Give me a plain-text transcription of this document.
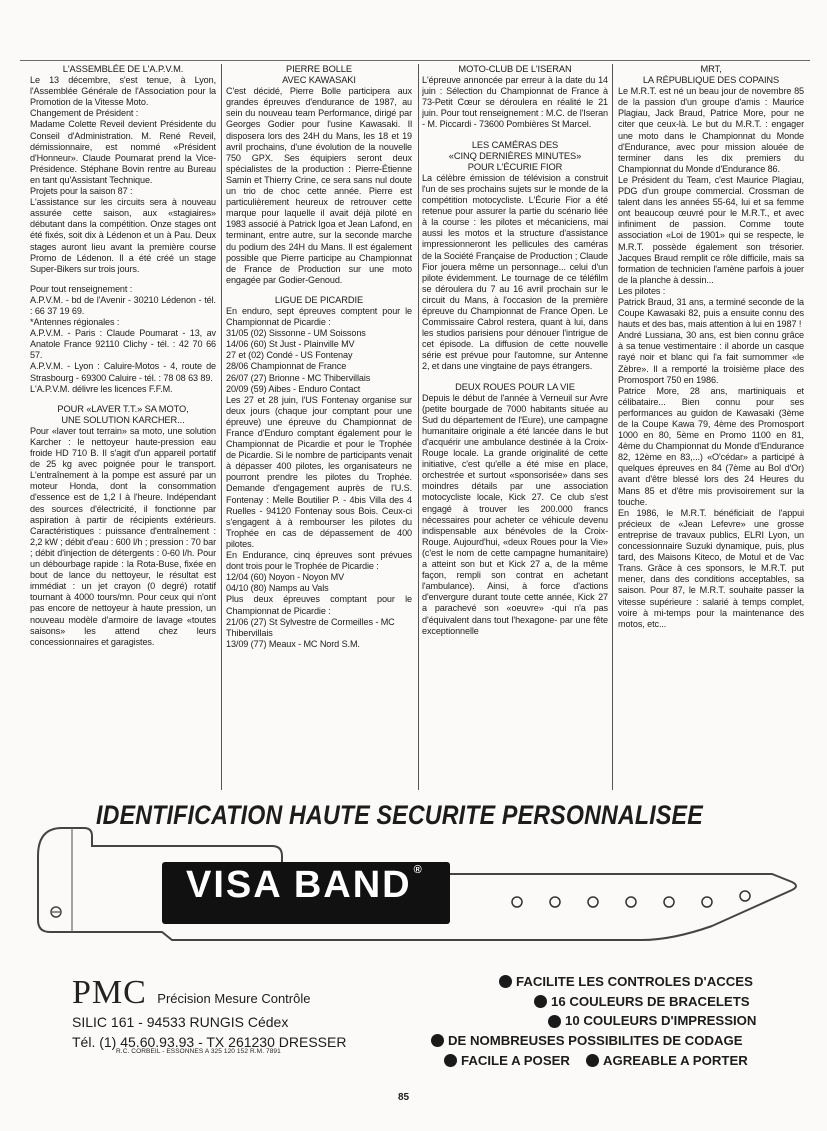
L'ASSEMBLÉE DE L'A.P.V.M.

Le 13 décembre, s'est tenue, à Lyon, l'Assemblée Générale de l'Association pour la Promotion de la Vitesse Moto.

Changement de Président :

Madame Colette Reveil devient Présidente du Conseil d'Administration. M. René Reveil, démissionnaire, est nommé «Président d'Honneur». Claude Poumarat prend la Vice-Présidence. Stéphane Bovin rentre au Bureau en tant qu'Assistant Technique.

Projets pour la saison 87 :

L'assistance sur les circuits sera à nouveau assurée cette saison, aux «stagiaires» débutant dans la compétition. Onze stages ont été fixés, soit dix à Lédenon et un à Pau. Deux stages auront lieu avant la première course Promo de Lédenon. Il a été créé un stage Super-Bikers sur trois jours.

Pour tout renseignement :

A.P.V.M. - bd de l'Avenir - 30210 Lédenon - tél. : 66 37 19 69.

*Antennes régionales :

A.P.V.M. - Paris : Claude Poumarat - 13, av Anatole France 92110 Clichy - tél. : 42 70 66 57.

A.P.V.M. - Lyon : Caluire-Motos - 4, route de Strasbourg - 69300 Caluire - tél. : 78 08 63 89.

L'A.P.V.M. délivre les licences F.F.M.

POUR «LAVER T.T.» SA MOTO,
UNE SOLUTION KARCHER...

Pour «laver tout terrain» sa moto, une solution Karcher : le nettoyeur haute-pression eau froide HD 710 B. Il s'agit d'un appareil portatif de 25 kg avec poignée pour le transport. L'entraînement à la pompe est assuré par un moteur Honda, dont la consommation d'essence est de 1,2 l à l'heure. Indépendant des sources d'électricité, il fonctionne par aspiration à partir de récipients extérieurs. Caractéristiques : puissance d'entraînement : 2,2 kW ; débit d'eau : 600 l/h ; pression : 70 bar ; débit d'injection de détergents : 0-60 l/h. Pour un débourbage rapide : la Rota-Buse, fixée en bout de lance du nettoyeur, le résultat est immédiat : un jet crayon (0 degré) rotatif tournant à 4000 tours/mn. Pour ceux qui n'ont pas encore de nettoyeur à haute pression, un nouveau modèle d'armoire de lavage «toutes saisons» les attend chez leurs concessionnaires et garagistes.

PIERRE BOLLE
AVEC KAWASAKI

C'est décidé, Pierre Bolle participera aux grandes épreuves d'endurance de 1987, au sein du nouveau team Performance, dirigé par Georges Godier pour l'usine Kawasaki. Il disposera lors des 24H du Mans, les 18 et 19 avril prochains, d'une évolution de la nouvelle 750 GPX. Ses équipiers seront deux spécialistes de la production : Pierre-Étienne Samin et Thierry Crine, ce sera sans nul doute un trio de choc cette année. Pierre est particulièrement heureux de retrouver cette marque pour laquelle il avait déjà piloté en 1983 associé à Patrick Igoa et Jean Lafond, en terminant, entre autre, sur la seconde marche du podium des 24H du Mans. Il est également possible que Pierre participe au Championnat de France de Production sur une moto engagée par Godier-Genoud.

LIGUE DE PICARDIE

En enduro, sept épreuves comptent pour le Championnat de Picardie :

31/05 (02) Sissonne - UM Soissons

14/06 (60) St Just - Plainville MV

27 et (02) Condé - US Fontenay

28/06 Championnat de France

26/07 (27) Brionne - MC Thibervillais

20/09 (59) Aibes - Enduro Contact

Les 27 et 28 juin, l'US Fontenay organise sur deux jours (chaque jour comptant pour une épreuve) une épreuve du Championnat de France d'Enduro comptant également pour le Championnat de Picardie et pour le Trophée de Picardie. Si le nombre de participants venait à dépasser 400 pilotes, les organisateurs ne pourront prendre les pilotes du Trophée. Demande d'engagement auprès de l'U.S. Fontenay : Melle Boutilier P. - 4bis Villa des 4 Ruelles - 94120 Fontenay sous Bois. Ceux-ci s'engagent à à rembourser les pilotes du Trophée en cas de dépassement de 400 pilotes.

En Endurance, cinq épreuves sont prévues dont trois pour le Trophée de Picardie :

12/04 (60) Noyon - Noyon MV

04/10 (80) Namps au Vals

Plus deux épreuves comptant pour le Championnat de Picardie :

21/06 (27) St Sylvestre de Cormeilles - MC Thibervillais

13/09 (77) Meaux - MC Nord S.M.

MOTO-CLUB DE L'ISERAN

L'épreuve annoncée par erreur à la date du 14 juin : Sélection du Championnat de France à 73-Petit Cœur se déroulera en réalité le 21 juin. Pour tout renseignement : M.C. de l'Iseran - M. Piccardi - 73600 Pombières St Marcel.

LES CAMÉRAS DES
«CINQ DERNIÈRES MINUTES»
POUR L'ÉCURIE FIOR

La célèbre émission de télévision a construit l'un de ses prochains sujets sur le monde de la compétition motocycliste. L'Écurie Fior a été retenue pour assurer la partie du scénario liée à la course : les pilotes et mécaniciens, mai aussi les motos et la structure d'assistance impressionneront les pellicules des caméras de la Société Française de Production ; Claude Fior jouera même un personnage... celui d'un pilote évidemment. Le tournage de ce téléfilm se déroulera du 7 au 16 avril prochain sur le circuit du Mans, à l'occasion de la première épreuve du Championnat de France Open. Le Commissaire Cabrol restera, quant à lui, dans les studios parisiens pour dénouer l'intrigue de cet épisode. La diffusion de cette nouvelle série est prévue pour l'automne, sur Antenne 2, et dans une vingtaine de pays étrangers.

DEUX ROUES POUR LA VIE

Depuis le début de l'année à Verneuil sur Avre (petite bourgade de 7000 habitants située au Sud du département de l'Eure), une campagne humanitaire originale a été lancée dans le but d'acquérir une ambulance destinée à la Croix-Rouge locale. La grande originalité de cette initiative, c'est qu'elle a été mise en place, orchestrée et surtout «sponsorisée» dans ses moindres détails par une association motocycliste locale, Kick 27. Ce club s'est engagé à trouver les 200.000 francs nécessaires pour acheter ce véhicule devenu indispensable aux bénévoles de la Croix-Rouge. Aujourd'hui, «deux Roues pour la Vie» (c'est le nom de cette campagne humanitaire) a atteint son but et Kick 27 a, de la même façon, rempli son contrat en achetant l'ambulance). Ainsi, à force d'actions d'envergure durant toute cette année, Kick 27 a parachevé son «oeuvre» -qui n'a pas d'équivalent dans tout l'hexagone- par une fête exceptionnelle

MRT,
LA RÉPUBLIQUE DES COPAINS

Le M.R.T. est né un beau jour de novembre 85 de la passion d'un groupe d'amis : Maurice Plagiau, Jack Braud, Patrice More, pour ne citer que ceux-là. Le but du M.R.T. : engager une moto dans le Championnat du Monde d'Endurance, avec pour mission alouée de terminer dans les dix premiers du Championnat du Monde d'Endurance 86.

Le Président du Team, c'est Maurice Plagiau, PDG d'un groupe commercial. Crossman de talent dans les années 55-64, lui et sa femme ont beaucoup œuvré pour le M.R.T., et avec infiniment de passion. Comme toute association «Loi de 1901» qui se respecte, le M.R.T. possède également son trésorier. Jacques Braud remplit ce rôle difficile, mais sa formation de technicien l'amène parfois à jouer de la planche à dessin...

Les pilotes :

Patrick Braud, 31 ans, a terminé seconde de la Coupe Kawasaki 82, puis a ensuite connu des hauts et des bas, mais attention à lui en 1987 !

André Lussiana, 30 ans, est bien connu grâce à sa tenue vestimentaire : il aborde un casque rayé noir et blanc qui l'a fait surnommer «le Zèbre». Il a remporté la troisième place des Promosport 750 en 1986.

Patrice More, 28 ans, martiniquais et célibataire... Bien connu pour ses performances au guidon de Kawasaki (3ème de la Coupe Kawa 79, 4ème des Promosport 1000 en 80, 5ème en Promo 1100 en 81, 4ème du Championnat du Monde d'Endurance 82, 12ème en 83,...) «O'cédar» a participé à quelques épreuves en 84 (7ème au Bol d'Or) avant d'être blessé lors des 24 Heures du Mans 85 et d'être mis provisoirement sur la touche.

En 1986, le M.R.T. bénéficiait de l'appui précieux de «Jean Lefevre» une grosse entreprise de travaux publics, ELRI Lyon, un concessionnaire Suzuki dynamique, puis, plus tard, des Maisons Kiteco, de Motul et de Vac Trans. Grâce à ces sponsors, le M.R.T. put mener, dans des conditions acceptables, sa saison. Pour 87, le M.R.T. souhaite passer la vitesse supérieure : salarié à temps complet, voire à mi-temps pour la maintenance des motos, etc...

IDENTIFICATION HAUTE SECURITE PERSONNALISEE
VISA BAND ®
PMC Précision Mesure Contrôle
SILIC 161 - 94533 RUNGIS Cédex
Tél. (1) 45.60.93.93 - TX 261230 DRESSER
R.C. CORBEIL - ESSONNES A 325 120 152 R.M. 7891
FACILITE LES CONTROLES D'ACCES
16 COULEURS DE BRACELETS
10 COULEURS D'IMPRESSION
DE NOMBREUSES POSSIBILITES DE CODAGE
FACILE A POSER	AGREABLE A PORTER
85
